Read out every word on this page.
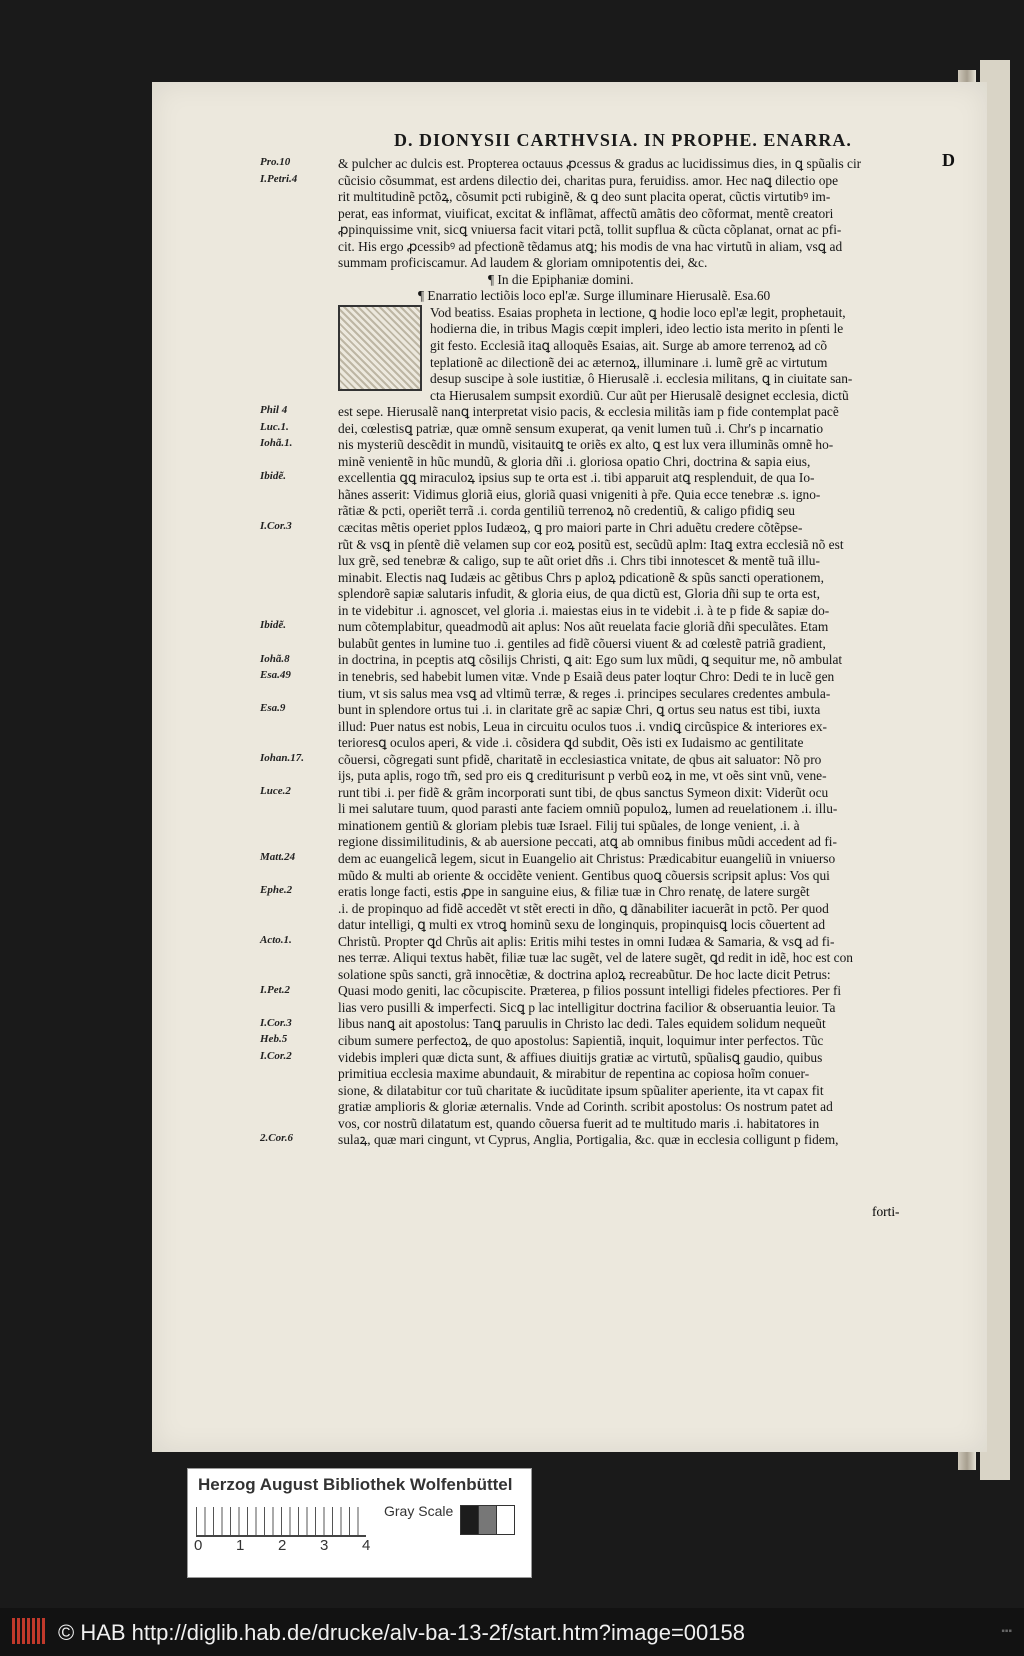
D. DIONYSII CARTHVSIA. IN PROPHE. ENARRA.
D
Pro.10
I.Petri.4
Phil 4
Luc.1.
Iohã.1.
Ibidẽ.
I.Cor.3
Ibidẽ.
Iohã.8
Esa.49
Esa.9
Iohan.17.
Luce.2
Matt.24
Ephe.2
Acto.1.
I.Pet.2
I.Cor.3
Heb.5
I.Cor.2
2.Cor.6
& pulcher ac dulcis est. Propterea octauus ꝓcessus & gradus ac lucidissimus dies, in ꝗ spũalis cir
cũcisio cõsummat, est ardens dilectio dei, charitas pura, feruidiss. amor. Hec naꝗ dilectio ope
rit multitudinẽ pctõꝝ, cõsumit pcti rubiginẽ, & ꝗ deo sunt placita operat, cũctis virtutibꝰ im-
perat, eas informat, viuificat, excitat & inflãmat, affectũ amãtis deo cõformat, mentẽ creatori
ꝓpinquissime vnit, sicꝗ vniuersa facit vitari pctã, tollit supflua & cũcta cõplanat, ornat ac pfi-
cit. His ergo ꝓcessibꝰ ad pfectionẽ tẽdamus atꝗ; his modis de vna hac virtutũ in aliam, vsꝗ ad
summam proficiscamur. Ad laudem & gloriam omnipotentis dei, &c.
¶ In die Epiphaniæ domini.
¶ Enarratio lectiõis loco epl'æ. Surge illuminare Hierusalẽ. Esa.60
Vod beatiss. Esaias propheta in lectione, ꝗ hodie loco epl'æ legit, prophetauit,
hodierna die, in tribus Magis cœpit impleri, ideo lectio ista merito in pſenti le
git festo. Ecclesiã itaꝗ alloquẽs Esaias, ait. Surge ab amore terrenoꝝ ad cõ
teplationẽ ac dilectionẽ dei ac æternoꝝ, illuminare .i. lumẽ grẽ ac virtutum
desup suscipe à sole iustitiæ, ô Hierusalẽ .i. ecclesia militans, ꝗ in ciuitate san-
cta Hierusalem sumpsit exordiũ. Cur aũt per Hierusalẽ designet ecclesia, dictũ
est sepe. Hierusalẽ nanꝗ interpretat visio pacis, & ecclesia militãs iam p fide contemplat pacẽ
dei, cœlestisꝗ patriæ, quæ omnẽ sensum exuperat, qa venit lumen tuũ .i. Chr's p incarnatio
nis mysteriũ descẽdit in mundũ, visitauitꝗ te oriẽs ex alto, ꝗ est lux vera illuminãs omnẽ ho-
minẽ venientẽ in hũc mundũ, & gloria dñi .i. gloriosa opatio Chri, doctrina & sapia eius,
excellentia ꝗꝗ miraculoꝝ ipsius sup te orta est .i. tibi apparuit atꝗ resplenduit, de qua Io-
hãnes asserit: Vidimus gloriã eius, gloriã quasi vnigeniti à pr̃e. Quia ecce tenebræ .s. igno-
rãtiæ & pcti, operiẽt terrã .i. corda gentiliũ terrenoꝝ nõ credentiũ, & caligo pfidiꝗ seu
cæcitas mẽtis operiet pplos Iudæoꝝ, ꝗ pro maiori parte in Chri aduẽtu credere cõtẽpse-
rũt & vsꝗ in pſentẽ diẽ velamen sup cor eoꝝ positũ est, secũdũ aplm: Itaꝗ extra ecclesiã nõ est
lux grẽ, sed tenebræ & caligo, sup te aũt oriet dñs .i. Chrs tibi innotescet & mentẽ tuã illu-
minabit. Electis naꝗ Iudæis ac gẽtibus Chrs p aploꝝ pdicationẽ & spũs sancti operationem,
splendorẽ sapiæ salutaris infudit, & gloria eius, de qua dictũ est, Gloria dñi sup te orta est,
in te videbitur .i. agnoscet, vel gloria .i. maiestas eius in te videbit .i. à te p fide & sapiæ do-
num cõtemplabitur, queadmodũ ait aplus: Nos aũt reuelata facie gloriã dñi speculãtes. Etam
bulabũt gentes in lumine tuo .i. gentiles ad fidẽ cõuersi viuent & ad cœlestẽ patriã gradient,
in doctrina, in pceptis atꝗ cõsilijs Christi, ꝗ ait: Ego sum lux mũdi, ꝗ sequitur me, nõ ambulat
in tenebris, sed habebit lumen vitæ. Vnde p Esaiã deus pater loqtur Chro: Dedi te in lucẽ gen
tium, vt sis salus mea vsꝗ ad vltimũ terræ, & reges .i. principes seculares credentes ambula-
bunt in splendore ortus tui .i. in claritate grẽ ac sapiæ Chri, ꝗ ortus seu natus est tibi, iuxta
illud: Puer natus est nobis, Leua in circuitu oculos tuos .i. vndiꝗ circũspice & interiores ex-
terioresꝗ oculos aperi, & vide .i. cõsidera ꝗd subdit, Oẽs isti ex Iudaismo ac gentilitate
cõuersi, cõgregati sunt pfidẽ, charitatẽ in ecclesiastica vnitate, de qbus ait saluator: Nõ pro
ijs, puta aplis, rogo tm̃, sed pro eis ꝗ crediturisunt p verbũ eoꝝ in me, vt oẽs sint vnũ, vene-
runt tibi .i. per fidẽ & grãm incorporati sunt tibi, de qbus sanctus Symeon dixit: Viderũt ocu
li mei salutare tuum, quod parasti ante faciem omniũ populoꝝ, lumen ad reuelationem .i. illu-
minationem gentiũ & gloriam plebis tuæ Israel. Filij tui spũales, de longe venient, .i. à
regione dissimilitudinis, & ab auersione peccati, atꝗ ab omnibus finibus mũdi accedent ad fi-
dem ac euangelicã legem, sicut in Euangelio ait Christus: Prædicabitur euangeliũ in vniuerso
mũdo & multi ab oriente & occidẽte venient. Gentibus quoꝗ cõuersis scripsit aplus: Vos qui
eratis longe facti, estis ꝓpe in sanguine eius, & filiæ tuæ in Chro renatę, de latere surgẽt
.i. de propinquo ad fidẽ accedẽt vt stẽt erecti in dño, ꝗ dãnabiliter iacuerãt in pctõ. Per quod
datur intelligi, ꝗ multi ex vtroꝗ hominũ sexu de longinquis, propinquisꝗ locis cõuertent ad
Christũ. Propter ꝗd Chrũs ait aplis: Eritis mihi testes in omni Iudæa & Samaria, & vsꝗ ad fi-
nes terræ. Aliqui textus habẽt, filiæ tuæ lac sugẽt, vel de latere sugẽt, ꝗd redit in idẽ, hoc est con
solatione spũs sancti, grã innocẽtiæ, & doctrina aploꝝ recreabũtur. De hoc lacte dicit Petrus:
Quasi modo geniti, lac cõcupiscite. Præterea, p filios possunt intelligi fideles pfectiores. Per fi
lias vero pusilli & imperfecti. Sicꝗ p lac intelligitur doctrina facilior & obseruantia leuior. Ta
libus nanꝗ ait apostolus: Tanꝗ paruulis in Christo lac dedi. Tales equidem solidum nequeũt
cibum sumere perfectoꝝ, de quo apostolus: Sapientiã, inquit, loquimur inter perfectos. Tũc
videbis impleri quæ dicta sunt, & affiues diuitijs gratiæ ac virtutũ, spũalisꝗ gaudio, quibus
primitiua ecclesia maxime abundauit, & mirabitur de repentina ac copiosa hoĩm conuer-
sione, & dilatabitur cor tuũ charitate & iucũditate ipsum spũaliter aperiente, ita vt capax fit
gratiæ amplioris & gloriæ æternalis. Vnde ad Corinth. scribit apostolus: Os nostrum patet ad
vos, cor nostrũ dilatatum est, quando cõuersa fuerit ad te multitudo maris .i. habitatores in
sulaꝝ, quæ mari cingunt, vt Cyprus, Anglia, Portigalia, &c. quæ in ecclesia colligunt p fidem,
forti-
Herzog August Bibliothek Wolfenbüttel
0 1 2 3 4
Gray Scale
© HAB http://diglib.hab.de/drucke/alv-ba-13-2f/start.htm?image=00158	▪▪▪
